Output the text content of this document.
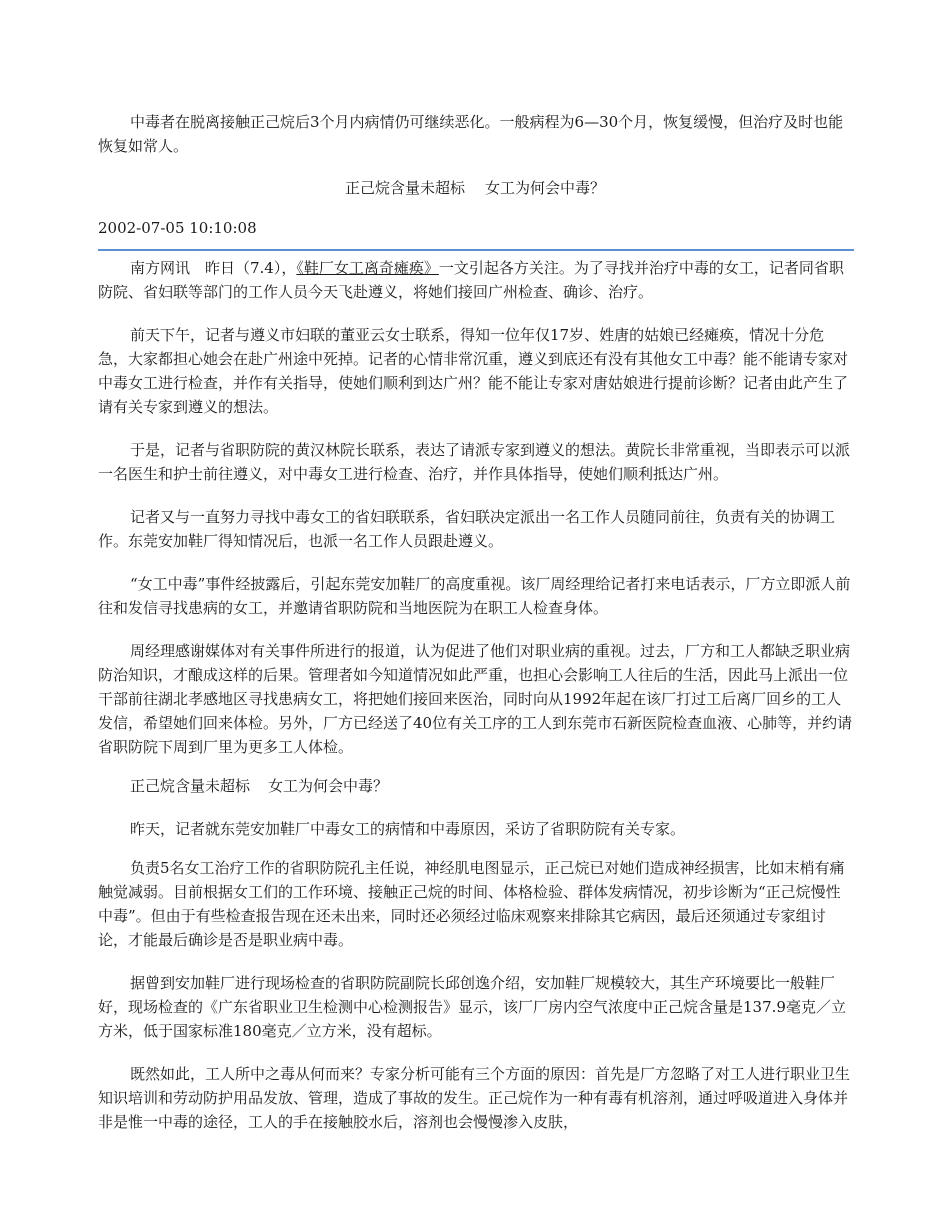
中毒者在脱离接触正己烷后3个月内病情仍可继续恶化。一般病程为6—30个月，恢复缓慢，但治疗及时也能恢复如常人。

正己烷含量未超标 女工为何会中毒？
2002-07-05 10:10:08

南方网讯　昨日（7.4），《鞋厂女工离奇瘫痪》一文引起各方关注。为了寻找并治疗中毒的女工，记者同省职防院、省妇联等部门的工作人员今天飞赴遵义，将她们接回广州检查、确诊、治疗。

前天下午，记者与遵义市妇联的董亚云女士联系，得知一位年仅17岁、姓唐的姑娘已经瘫痪，情况十分危急，大家都担心她会在赴广州途中死掉。记者的心情非常沉重，遵义到底还有没有其他女工中毒？能不能请专家对中毒女工进行检查，并作有关指导，使她们顺利到达广州？能不能让专家对唐姑娘进行提前诊断？记者由此产生了请有关专家到遵义的想法。

于是，记者与省职防院的黄汉林院长联系，表达了请派专家到遵义的想法。黄院长非常重视，当即表示可以派一名医生和护士前往遵义，对中毒女工进行检查、治疗，并作具体指导，使她们顺利抵达广州。

记者又与一直努力寻找中毒女工的省妇联联系，省妇联决定派出一名工作人员随同前往，负责有关的协调工作。东莞安加鞋厂得知情况后，也派一名工作人员跟赴遵义。

“女工中毒”事件经披露后，引起东莞安加鞋厂的高度重视。该厂周经理给记者打来电话表示，厂方立即派人前往和发信寻找患病的女工，并邀请省职防院和当地医院为在职工人检查身体。

周经理感谢媒体对有关事件所进行的报道，认为促进了他们对职业病的重视。过去，厂方和工人都缺乏职业病防治知识，才酿成这样的后果。管理者如今知道情况如此严重，也担心会影响工人往后的生活，因此马上派出一位干部前往湖北孝感地区寻找患病女工，将把她们接回来医治，同时向从1992年起在该厂打过工后离厂回乡的工人发信，希望她们回来体检。另外，厂方已经送了40位有关工序的工人到东莞市石新医院检查血液、心肺等，并约请省职防院下周到厂里为更多工人体检。

正己烷含量未超标 女工为何会中毒？

昨天，记者就东莞安加鞋厂中毒女工的病情和中毒原因，采访了省职防院有关专家。

负责5名女工治疗工作的省职防院孔主任说，神经肌电图显示，正己烷已对她们造成神经损害，比如末梢有痛触觉减弱。目前根据女工们的工作环境、接触正己烷的时间、体格检验、群体发病情况，初步诊断为“正己烷慢性中毒”。但由于有些检查报告现在还未出来，同时还必须经过临床观察来排除其它病因，最后还须通过专家组讨论，才能最后确诊是否是职业病中毒。

据曾到安加鞋厂进行现场检查的省职防院副院长邱创逸介绍，安加鞋厂规模较大，其生产环境要比一般鞋厂好，现场检查的《广东省职业卫生检测中心检测报告》显示，该厂厂房内空气浓度中正己烷含量是137.9毫克／立方米，低于国家标准180毫克／立方米，没有超标。

既然如此，工人所中之毒从何而来？专家分析可能有三个方面的原因：首先是厂方忽略了对工人进行职业卫生知识培训和劳动防护用品发放、管理，造成了事故的发生。正己烷作为一种有毒有机溶剂，通过呼吸道进入身体并非是惟一中毒的途径，工人的手在接触胶水后，溶剂也会慢慢渗入皮肤，
